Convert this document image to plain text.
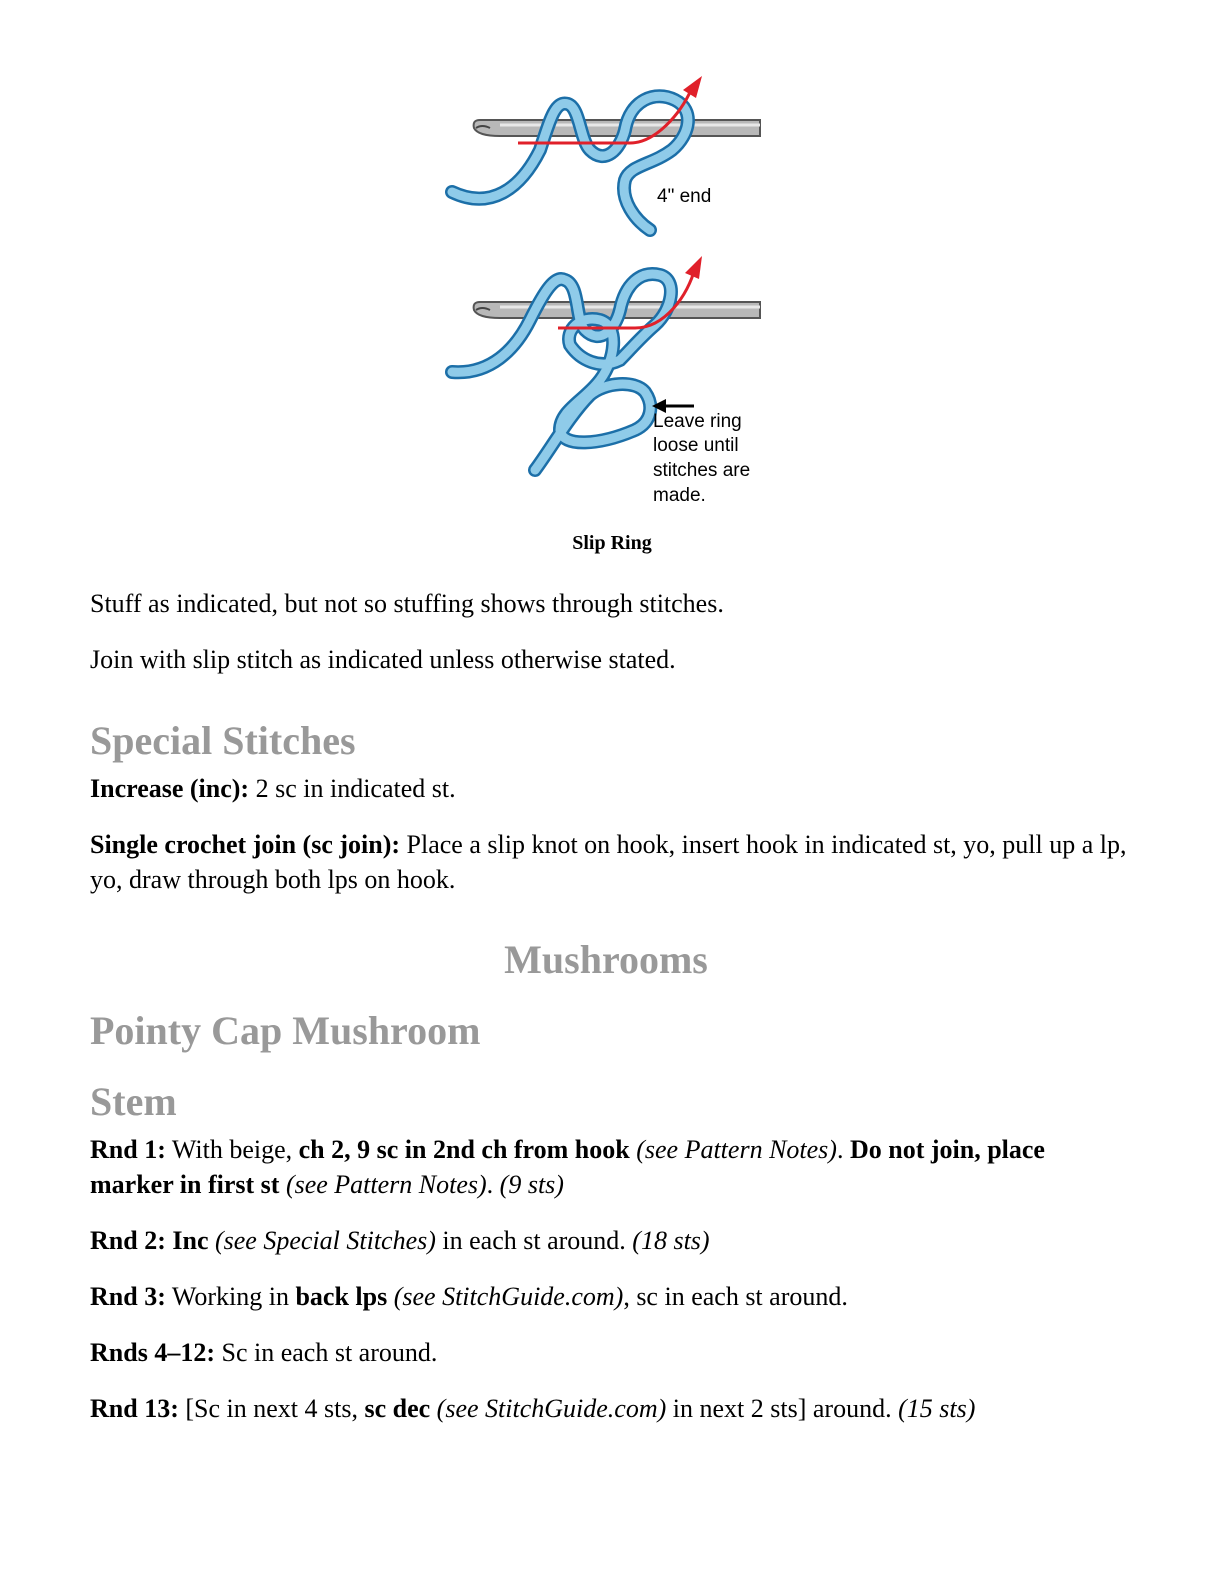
4" end
Leave ring
loose until
stitches are
made.
Slip Ring

Stuff as indicated, but not so stuffing shows through stitches.

Join with slip stitch as indicated unless otherwise stated.

Special Stitches

Increase (inc): 2 sc in indicated st.

Single crochet join (sc join): Place a slip knot on hook, insert hook in indicated st, yo, pull up a lp, yo, draw through both lps on hook.

Mushrooms
Pointy Cap Mushroom
Stem

Rnd 1: With beige, ch 2, 9 sc in 2nd ch from hook (see Pattern Notes). Do not join, place marker in first st (see Pattern Notes). (9 sts)

Rnd 2: Inc (see Special Stitches) in each st around. (18 sts)

Rnd 3: Working in back lps (see StitchGuide.com), sc in each st around.

Rnds 4–12: Sc in each st around.

Rnd 13: [Sc in next 4 sts, sc dec (see StitchGuide.com) in next 2 sts] around. (15 sts)
